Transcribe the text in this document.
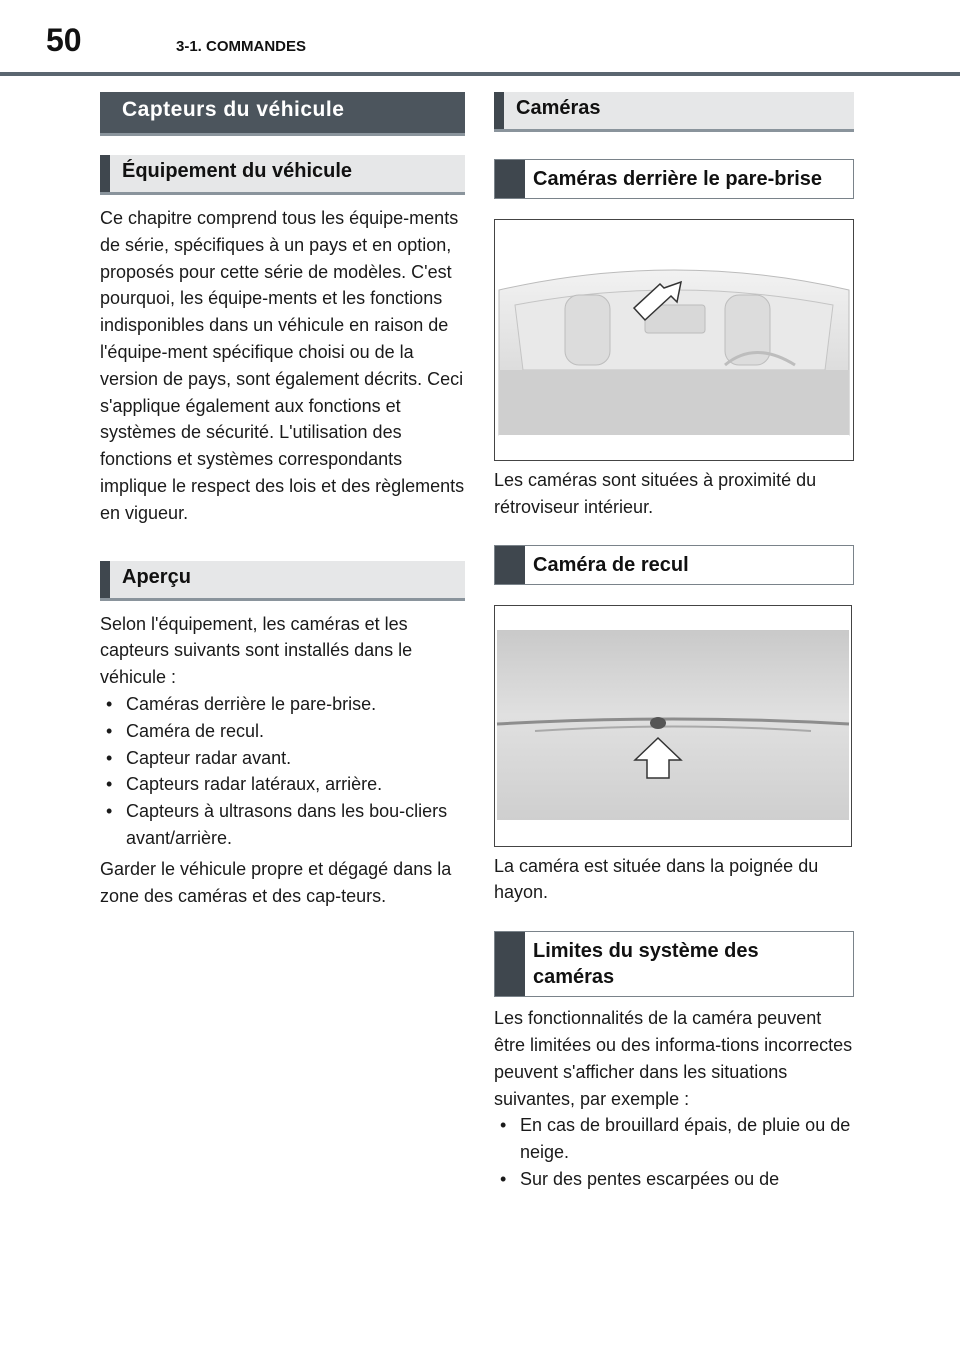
50	3-1. COMMANDES
Capteurs du véhicule
Équipement du véhicule

Ce chapitre comprend tous les équipe-ments de série, spécifiques à un pays et en option, proposés pour cette série de modèles. C'est pourquoi, les équipe-ments et les fonctions indisponibles dans un véhicule en raison de l'équipe-ment spécifique choisi ou de la version de pays, sont également décrits. Ceci s'applique également aux fonctions et systèmes de sécurité. L'utilisation des fonctions et systèmes correspondants implique le respect des lois et des règlements en vigueur.

Aperçu

Selon l'équipement, les caméras et les capteurs suivants sont installés dans le véhicule :

• Caméras derrière le pare-brise.
• Caméra de recul.
• Capteur radar avant.
• Capteurs radar latéraux, arrière.
• Capteurs à ultrasons dans les bou-cliers avant/arrière.

Garder le véhicule propre et dégagé dans la zone des caméras et des cap-teurs.

Caméras
Caméras derrière le pare-brise

Les caméras sont situées à proximité du rétroviseur intérieur.

Caméra de recul

La caméra est située dans la poignée du hayon.

Limites du système des caméras

Les fonctionnalités de la caméra peuvent être limitées ou des informa-tions incorrectes peuvent s'afficher dans les situations suivantes, par exemple :

• En cas de brouillard épais, de pluie ou de neige.
• Sur des pentes escarpées ou de
